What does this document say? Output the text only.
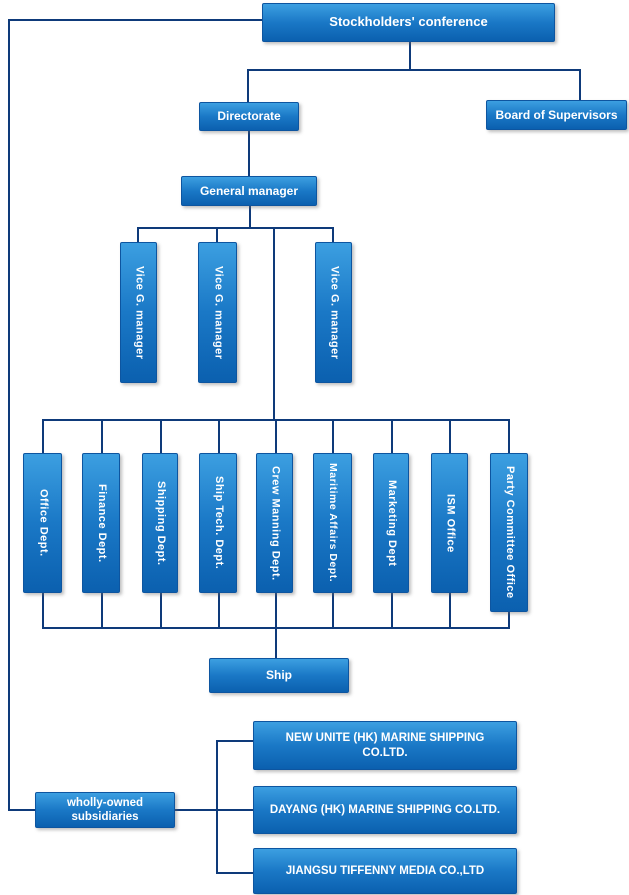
Stockholders' conference
Directorate	Board of Supervisors
General manager
Vice G. manager	Vice G. manager	Vice G. manager
Office Dept.	Finance Dept.	Shipping Dept.	Ship Tech. Dept.	Crew Manning Dept.	Maritime Affairs Dept.	Marketing Dept	ISM Office	Party Committee Office
Ship
wholly-owned subsidiaries
NEW UNITE (HK) MARINE SHIPPING CO.LTD.
DAYANG (HK) MARINE SHIPPING CO.LTD.
JIANGSU TIFFENNY MEDIA CO.,LTD
